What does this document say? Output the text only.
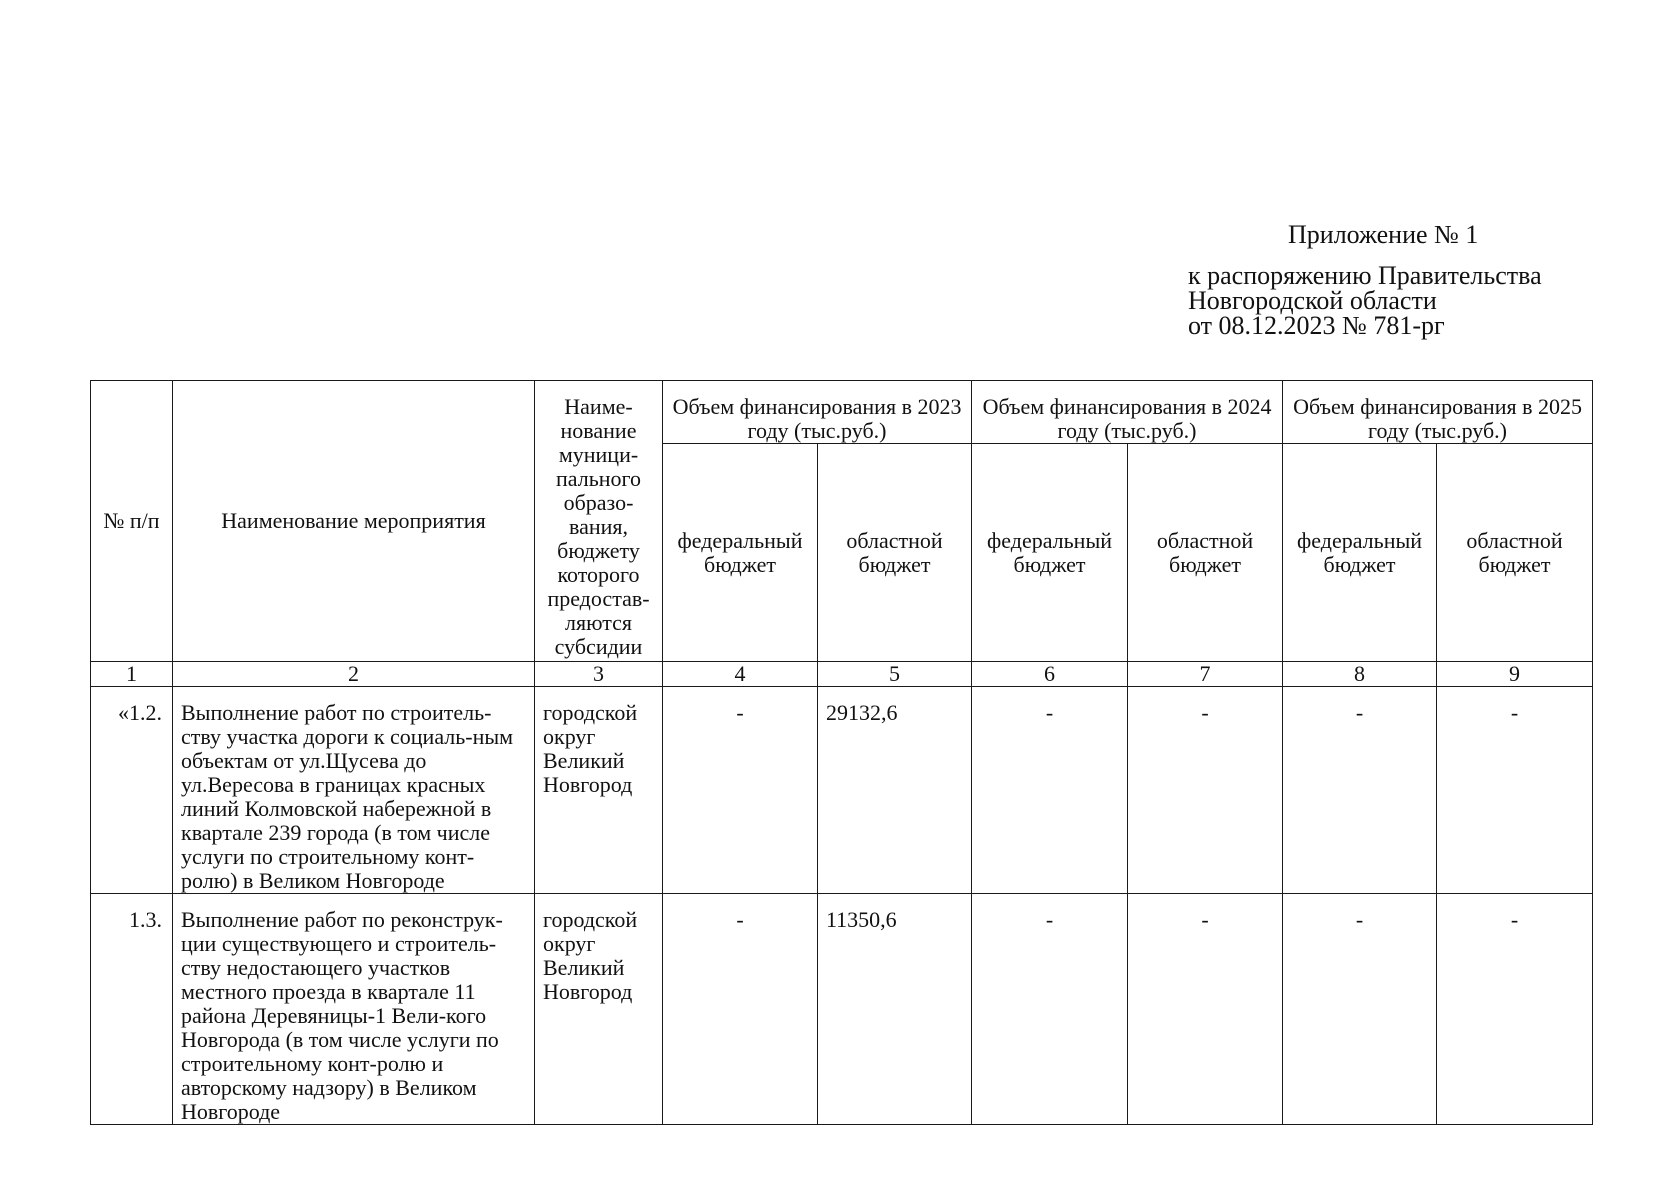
Приложение № 1
к распоряжению Правительства
Новгородской области
от 08.12.2023 № 781-рг
№ п/п	Наименование мероприятия	Наиме-нование муници-пального образо-вания, бюджету которого предостав-ляются субсидии	Объем финансирования в 2023 году (тыс.руб.)		Объем финансирования в 2024 году (тыс.руб.)		Объем финансирования в 2025 году (тыс.руб.)	
			федеральный бюджет	областной бюджет	федеральный бюджет	областной бюджет	федеральный бюджет	областной бюджет
1	2	3	4	5	6	7	8	9
«1.2.	Выполнение работ по строитель-ству участка дороги к социаль-ным объектам от ул.Щусева до ул.Вересова в границах красных линий Колмовской набережной в квартале 239 города (в том числе услуги по строительному конт-ролю) в Великом Новгороде	городской округ Великий Новгород	-	29132,6	-	-	-	-
1.3.	Выполнение работ по реконструк-ции существующего и строитель-ству недостающего участков местного проезда в квартале 11 района Деревяницы-1 Вели-кого Новгорода (в том числе услуги по строительному конт-ролю и авторскому надзору) в Великом Новгороде	городской округ Великий Новгород	-	11350,6	-	-	-	-
